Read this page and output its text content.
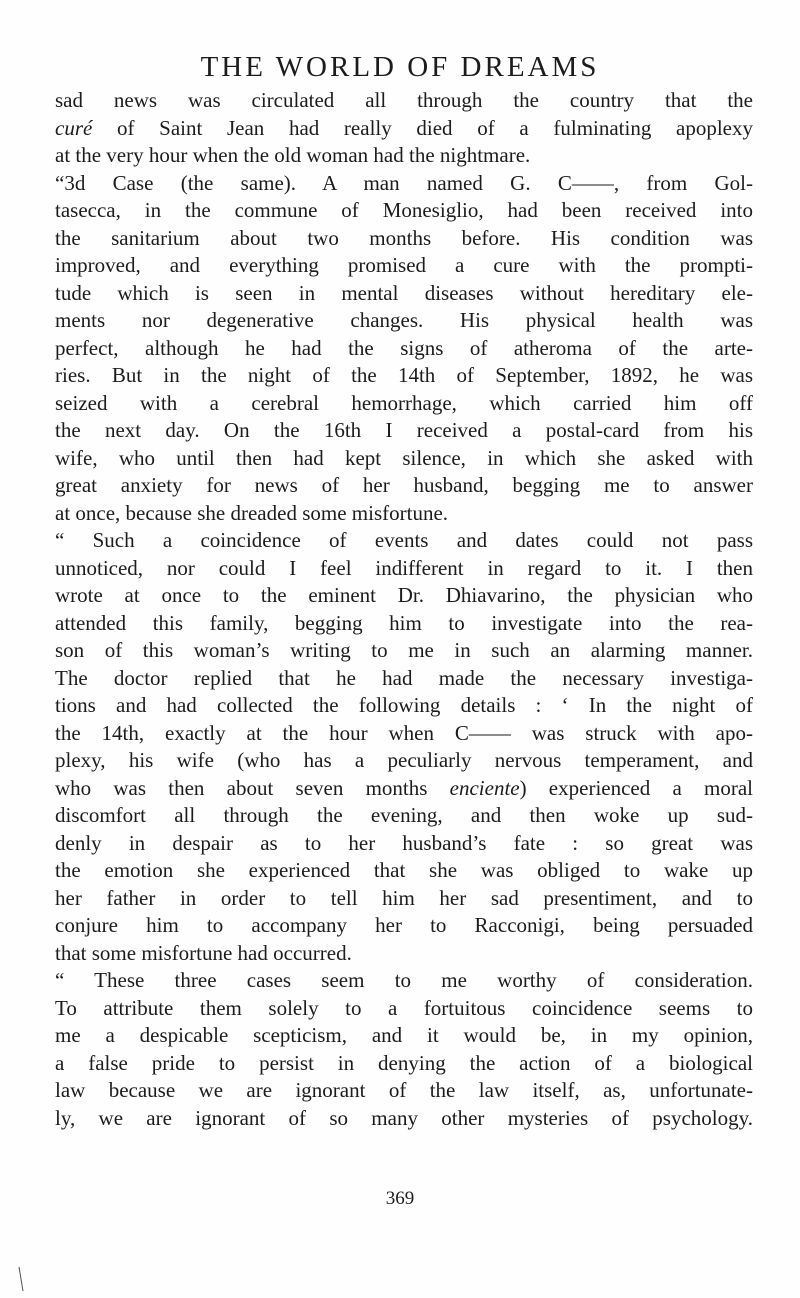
THE WORLD OF DREAMS
sad news was circulated all through the country that the
curé of Saint Jean had really died of a fulminating apoplexy
at the very hour when the old woman had the nightmare.
“3d Case (the same). A man named G. C——, from Gol-
tasecca, in the commune of Monesiglio, had been received into
the sanitarium about two months before. His condition was
improved, and everything promised a cure with the prompti-
tude which is seen in mental diseases without hereditary ele-
ments nor degenerative changes. His physical health was
perfect, although he had the signs of atheroma of the arte-
ries. But in the night of the 14th of September, 1892, he was
seized with a cerebral hemorrhage, which carried him off
the next day. On the 16th I received a postal-card from his
wife, who until then had kept silence, in which she asked with
great anxiety for news of her husband, begging me to answer
at once, because she dreaded some misfortune.
“ Such a coincidence of events and dates could not pass
unnoticed, nor could I feel indifferent in regard to it. I then
wrote at once to the eminent Dr. Dhiavarino, the physician who
attended this family, begging him to investigate into the rea-
son of this woman’s writing to me in such an alarming manner.
The doctor replied that he had made the necessary investiga-
tions and had collected the following details : ‘ In the night of
the 14th, exactly at the hour when C—— was struck with apo-
plexy, his wife (who has a peculiarly nervous temperament, and
who was then about seven months enciente) experienced a moral
discomfort all through the evening, and then woke up sud-
denly in despair as to her husband’s fate : so great was
the emotion she experienced that she was obliged to wake up
her father in order to tell him her sad presentiment, and to
conjure him to accompany her to Racconigi, being persuaded
that some misfortune had occurred.
“ These three cases seem to me worthy of consideration.
To attribute them solely to a fortuitous coincidence seems to
me a despicable scepticism, and it would be, in my opinion,
a false pride to persist in denying the action of a biological
law because we are ignorant of the law itself, as, unfortunate-
ly, we are ignorant of so many other mysteries of psychology.
369
